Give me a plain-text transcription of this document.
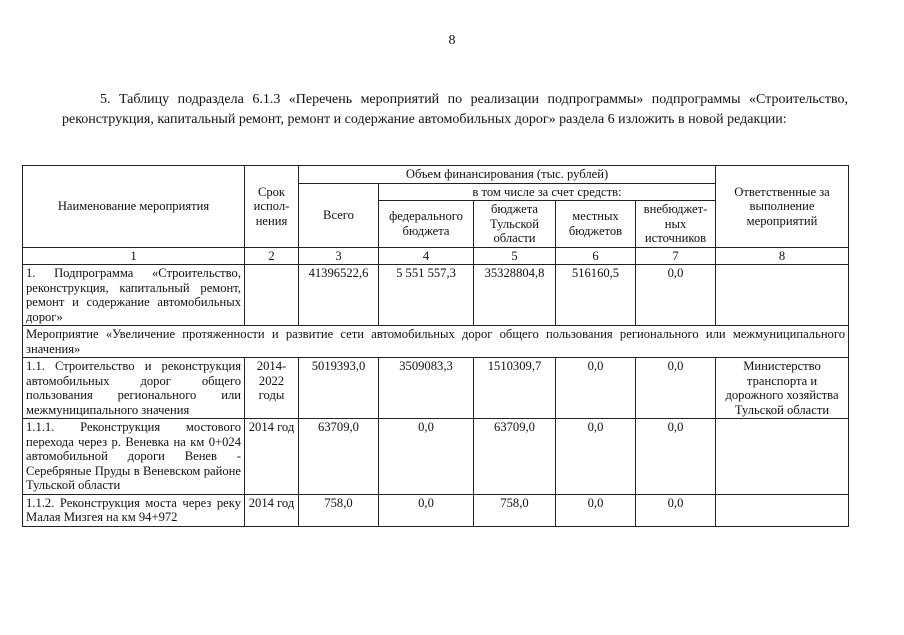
8

5. Таблицу подраздела 6.1.3 «Перечень мероприятий по реализации подпрограммы» подпрограммы «Строительство, реконструкция, капитальный ремонт, ремонт и содержание автомобильных дорог» раздела 6 изложить в новой редакции:

Наименование мероприятия	Срок испол-нения	Объем финансирования (тыс. рублей)					Ответственные за выполнение мероприятий
		Всего	в том числе за счет средств:				
			федерального бюджета	бюджета Тульской области	местных бюджетов	внебюджет-ных источников	
1	2	3	4	5	6	7	8
1. Подпрограмма «Строительство, реконструкция, капитальный ремонт, ремонт и содержание автомобильных дорог»		41396522,6	5 551 557,3	35328804,8	516160,5	0,0	
Мероприятие «Увеличение протяженности и развитие сети автомобильных дорог общего пользования регионального или межмуниципального значения»							
1.1. Строительство и реконструкция автомобильных дорог общего пользования регионального или межмуниципального значения	2014-2022 годы	5019393,0	3509083,3	1510309,7	0,0	0,0	Министерство транспорта и дорожного хозяйства Тульской области
1.1.1. Реконструкция мостового перехода через р. Веневка на км 0+024 автомобильной дороги Венев - Серебряные Пруды в Веневском районе Тульской области	2014 год	63709,0	0,0	63709,0	0,0	0,0	
1.1.2. Реконструкция моста через реку Малая Мизгея на км 94+972	2014 год	758,0	0,0	758,0	0,0	0,0	
